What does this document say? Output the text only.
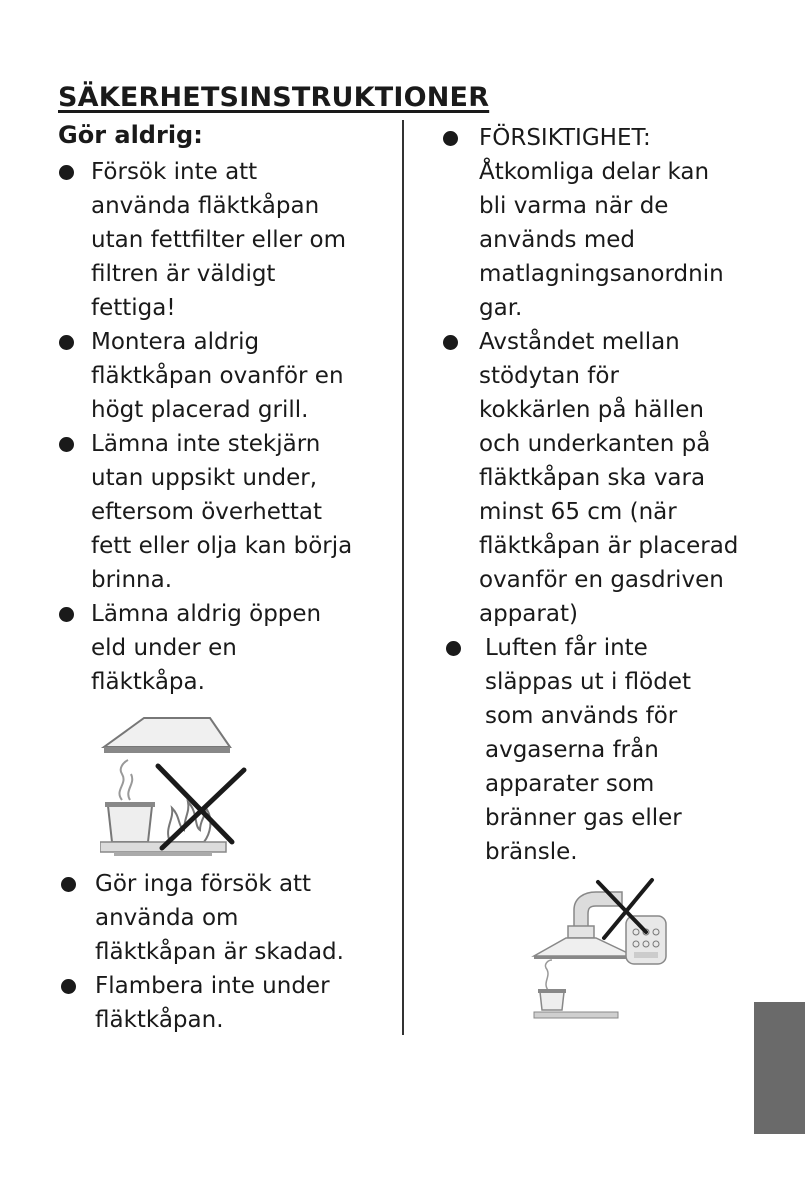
SÄKERHETSINSTRUKTIONER
Gör aldrig:
Försök inte att
använda fläktkåpan
utan fettfilter eller om
filtren är väldigt
fettiga!
Montera aldrig
fläktkåpan ovanför en
högt placerad grill.
Lämna inte stekjärn
utan uppsikt under,
eftersom överhettat
fett eller olja kan börja
brinna.
Lämna aldrig öppen
eld under en
fläktkåpa.
Gör inga försök att
använda om
fläktkåpan är skadad.
Flambera inte under
fläktkåpan.
FÖRSIKTIGHET:
Åtkomliga delar kan
bli varma när de
används med
matlagningsanordnin
gar.
Avståndet mellan
stödytan för
kokkärlen på hällen
och underkanten på
fläktkåpan ska vara
minst 65 cm (när
fläktkåpan är placerad
ovanför en gasdriven
apparat)
Luften får inte
släppas ut i flödet
som används för
avgaserna från
apparater som
bränner gas eller
bränsle.
